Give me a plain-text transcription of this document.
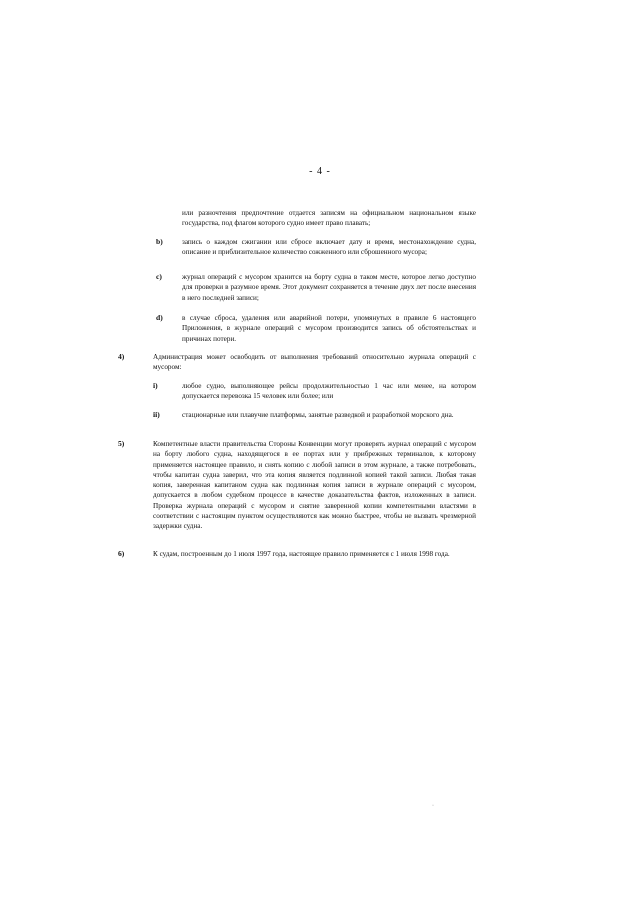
- 4 -
или разночтения предпочтение отдается записям на официальном национальном языке государства, под флагом которого судно имеет право плавать;
b)	запись о каждом сжигании или сбросе включает дату и время, местонахождение судна, описание и приблизительное количество сожженного или сброшенного мусора;
c)	журнал операций с мусором хранится на борту судна в таком месте, которое легко доступно для проверки в разумное время. Этот документ сохраняется в течение двух лет после внесения в него последней записи;
d)	в случае сброса, удаления или аварийной потери, упомянутых в правиле 6 настоящего Приложения, в журнале операций с мусором производится запись об обстоятельствах и причинах потери.
4)	Администрация может освободить от выполнения требований относительно журнала операций с мусором:
i)	любое судно, выполняющее рейсы продолжительностью 1 час или менее, на котором допускается перевозка 15 человек или более; или
ii)	стационарные или плавучие платформы, занятые разведкой и разработкой морского дна.
5)	Компетентные власти правительства Стороны Конвенции могут проверять журнал операций с мусором на борту любого судна, находящегося в ее портах или у прибрежных терминалов, к которому применяется настоящее правило, и снять копию с любой записи в этом журнале, а также потребовать, чтобы капитан судна заверил, что эта копия является подлинной копией такой записи. Любая такая копия, заверенная капитаном судна как подлинная копия записи в журнале операций с мусором, допускается в любом судебном процессе в качестве доказательства фактов, изложенных в записи. Проверка журнала операций с мусором и снятие заверенной копии компетентными властями в соответствии с настоящим пунктом осуществляются как можно быстрее, чтобы не вызвать чрезмерной задержки судна.
6)	К судам, построенным до 1 июля 1997 года, настоящее правило применяется с 1 июля 1998 года.
·
